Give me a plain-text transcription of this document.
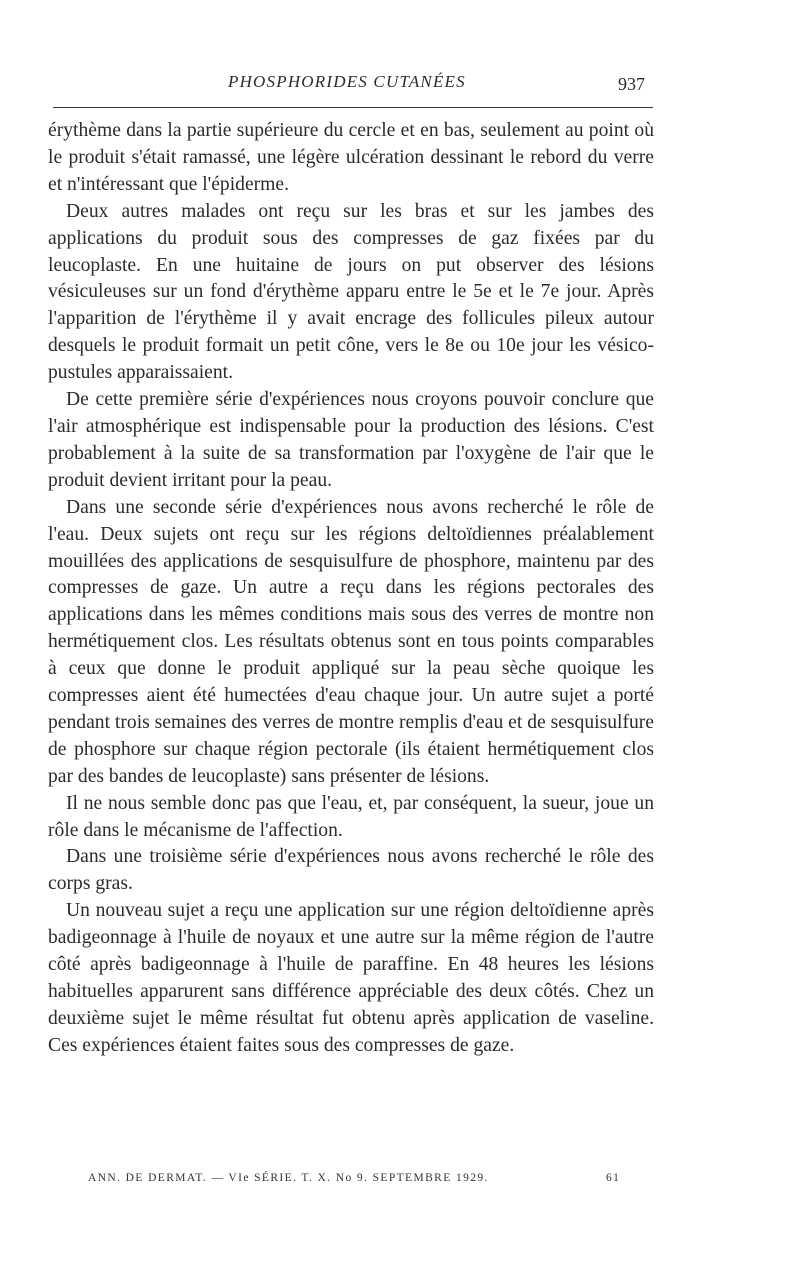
PHOSPHORIDES CUTANÉES	937

érythème dans la partie supérieure du cercle et en bas, seulement au point où le produit s'était ramassé, une légère ulcération dessinant le rebord du verre et n'intéressant que l'épiderme.

Deux autres malades ont reçu sur les bras et sur les jambes des applications du produit sous des compresses de gaz fixées par du leucoplaste. En une huitaine de jours on put observer des lésions vésiculeuses sur un fond d'érythème apparu entre le 5e et le 7e jour. Après l'apparition de l'érythème il y avait encrage des follicules pileux autour desquels le produit formait un petit cône, vers le 8e ou 10e jour les vésico-pustules apparaissaient.

De cette première série d'expériences nous croyons pouvoir conclure que l'air atmosphérique est indispensable pour la production des lésions. C'est probablement à la suite de sa transformation par l'oxygène de l'air que le produit devient irritant pour la peau.

Dans une seconde série d'expériences nous avons recherché le rôle de l'eau. Deux sujets ont reçu sur les régions deltoïdiennes préalablement mouillées des applications de sesquisulfure de phosphore, maintenu par des compresses de gaze. Un autre a reçu dans les régions pectorales des applications dans les mêmes conditions mais sous des verres de montre non hermétiquement clos. Les résultats obtenus sont en tous points comparables à ceux que donne le produit appliqué sur la peau sèche quoique les compresses aient été humectées d'eau chaque jour. Un autre sujet a porté pendant trois semaines des verres de montre remplis d'eau et de sesquisulfure de phosphore sur chaque région pectorale (ils étaient hermétiquement clos par des bandes de leucoplaste) sans présenter de lésions.

Il ne nous semble donc pas que l'eau, et, par conséquent, la sueur, joue un rôle dans le mécanisme de l'affection.

Dans une troisième série d'expériences nous avons recherché le rôle des corps gras.

Un nouveau sujet a reçu une application sur une région deltoïdienne après badigeonnage à l'huile de noyaux et une autre sur la même région de l'autre côté après badigeonnage à l'huile de paraffine. En 48 heures les lésions habituelles apparurent sans différence appréciable des deux côtés. Chez un deuxième sujet le même résultat fut obtenu après application de vaseline. Ces expériences étaient faites sous des compresses de gaze.

ANN. DE DERMAT. — VIe SÉRIE. T. X. No 9. SEPTEMBRE 1929.	61
